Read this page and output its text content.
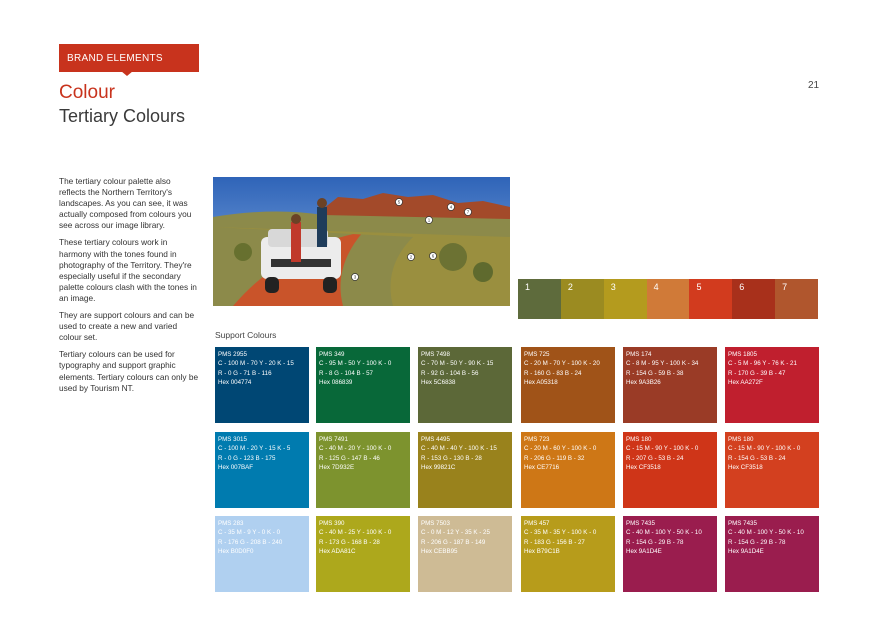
BRAND ELEMENTS
Colour
Tertiary Colours
21

The tertiary colour palette also reflects the Northern Territory's landscapes. As you can see, it was actually composed from colours you see across our image library.

These tertiary colours work in harmony with the tones found in photography of the Territory. They're especially useful if the secondary palette colours clash with the tones in an image.

They are support colours and can be used to create a new and varied colour set.

Tertiary colours can be used for typography and support graphic elements. Tertiary colours can only be used by Tourism NT.

1
2
3
4
5
6
7
1	2	3	4	5	6	7
Support Colours
PMS 2955
C - 100 M - 70 Y - 20 K - 15
R - 0 G - 71 B - 116
Hex 004774
PMS 349
C - 95 M - 50 Y - 100 K - 0
R - 8 G - 104 B - 57
Hex 086839
PMS 7498
C - 70 M - 50 Y - 90 K - 15
R - 92 G - 104 B - 56
Hex 5C6838
PMS 725
C - 20 M - 70 Y - 100 K - 20
R - 160 G - 83 B - 24
Hex A05318
PMS 174
C - 8 M - 95 Y - 100 K - 34
R - 154 G - 59 B - 38
Hex 9A3B26
PMS 1805
C - 5 M - 96 Y - 76 K - 21
R - 170 G - 39 B - 47
Hex AA272F
PMS 3015
C - 100 M - 20 Y - 15 K - 5
R - 0 G - 123 B - 175
Hex 007BAF
PMS 7491
C - 40 M - 20 Y - 100 K - 0
R - 125 G - 147 B - 46
Hex 7D932E
PMS 4495
C - 40 M - 40 Y - 100 K - 15
R - 153 G - 130 B - 28
Hex 99821C
PMS 723
C - 20 M - 60 Y - 100 K - 0
R - 206 G - 119 B - 32
Hex CE7716
PMS 180
C - 15 M - 90 Y - 100 K - 0
R - 207 G - 53 B - 24
Hex CF3518
PMS 180
C - 15 M - 90 Y - 100 K - 0
R - 154 G - 53 B - 24
Hex CF3518
PMS 283
C - 35 M - 9 Y - 0 K - 0
R - 176 G - 208 B - 240
Hex B0D0F0
PMS 390
C - 40 M - 25 Y - 100 K - 0
R - 173 G - 168 B - 28
Hex ADA81C
PMS 7503
C - 0 M - 12 Y - 35 K - 25
R - 206 G - 187 B - 149
Hex CEBB95
PMS 457
C - 35 M - 35 Y - 100 K - 0
R - 183 G - 156 B - 27
Hex B79C1B
PMS 7435
C - 40 M - 100 Y - 50 K - 10
R - 154 G - 29 B - 78
Hex 9A1D4E
PMS 7435
C - 40 M - 100 Y - 50 K - 10
R - 154 G - 29 B - 78
Hex 9A1D4E
